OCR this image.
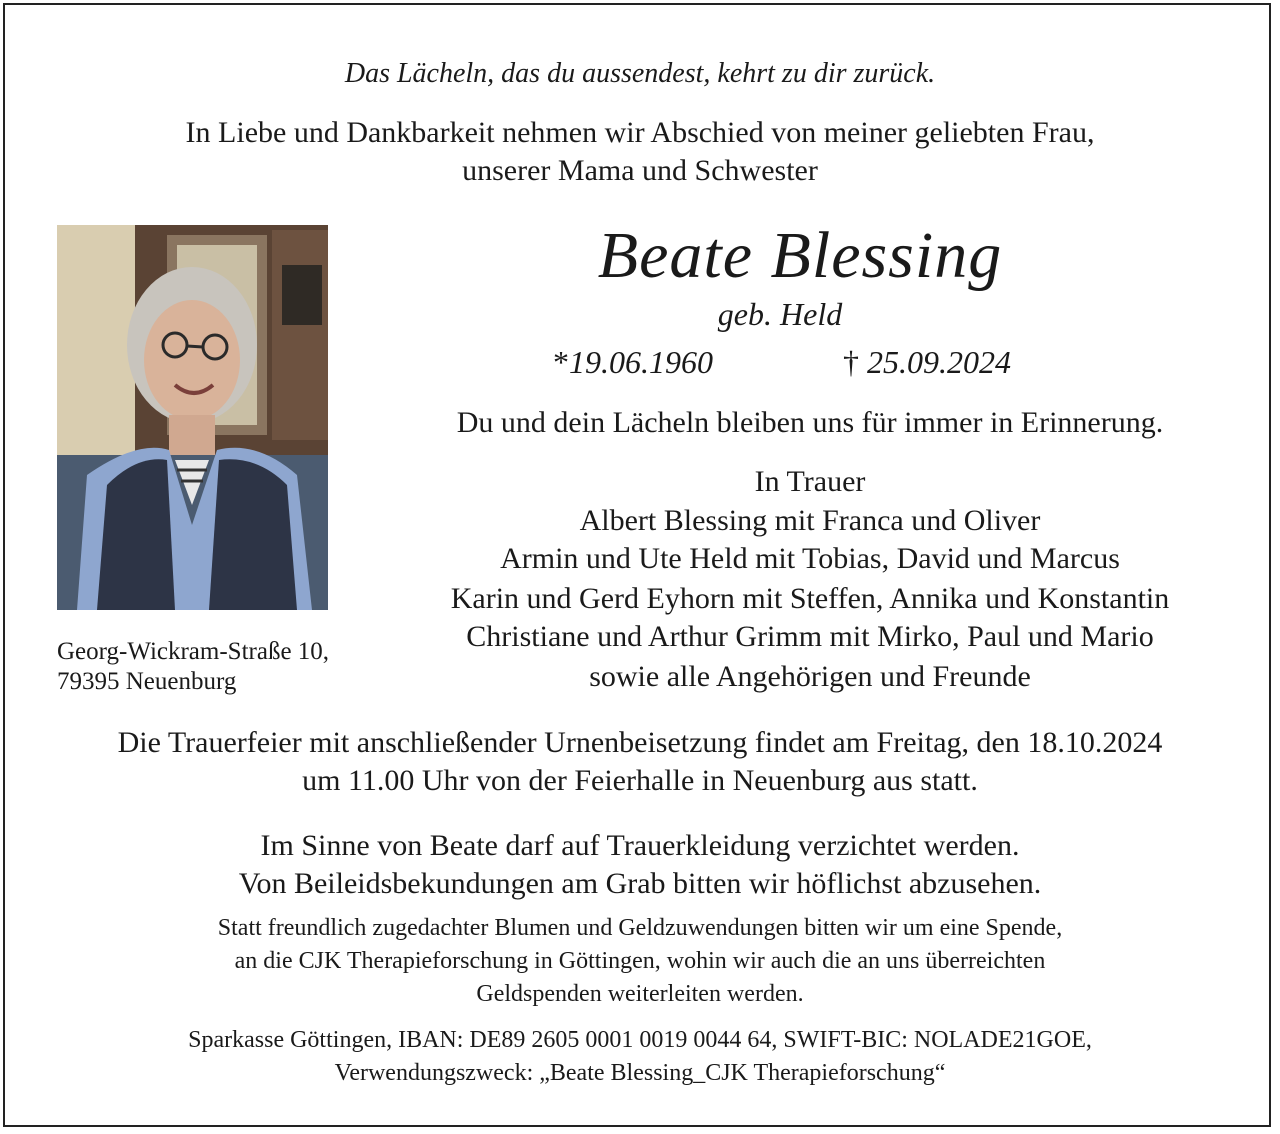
Das Lächeln, das du aussendest, kehrt zu dir zurück.
In Liebe und Dankbarkeit nehmen wir Abschied von meiner geliebten Frau,
unserer Mama und Schwester
Georg-Wickram-Straße 10,
79395 Neuenburg
Beate Blessing
geb. Held
*19.06.1960	† 25.09.2024
Du und dein Lächeln bleiben uns für immer in Erinnerung.
In Trauer
Albert Blessing mit Franca und Oliver
Armin und Ute Held mit Tobias, David und Marcus
Karin und Gerd Eyhorn mit Steffen, Annika und Konstantin
Christiane und Arthur Grimm mit Mirko, Paul und Mario
sowie alle Angehörigen und Freunde
Die Trauerfeier mit anschließender Urnenbeisetzung findet am Freitag, den 18.10.2024
um 11.00 Uhr von der Feierhalle in Neuenburg aus statt.
Im Sinne von Beate darf auf Trauerkleidung verzichtet werden.
Von Beileidsbekundungen am Grab bitten wir höflichst abzusehen.
Statt freundlich zugedachter Blumen und Geldzuwendungen bitten wir um eine Spende,
an die CJK Therapieforschung in Göttingen, wohin wir auch die an uns überreichten
Geldspenden weiterleiten werden.
Sparkasse Göttingen, IBAN: DE89 2605 0001 0019 0044 64, SWIFT-BIC: NOLADE21GOE,
Verwendungszweck: „Beate Blessing_CJK Therapieforschung“
